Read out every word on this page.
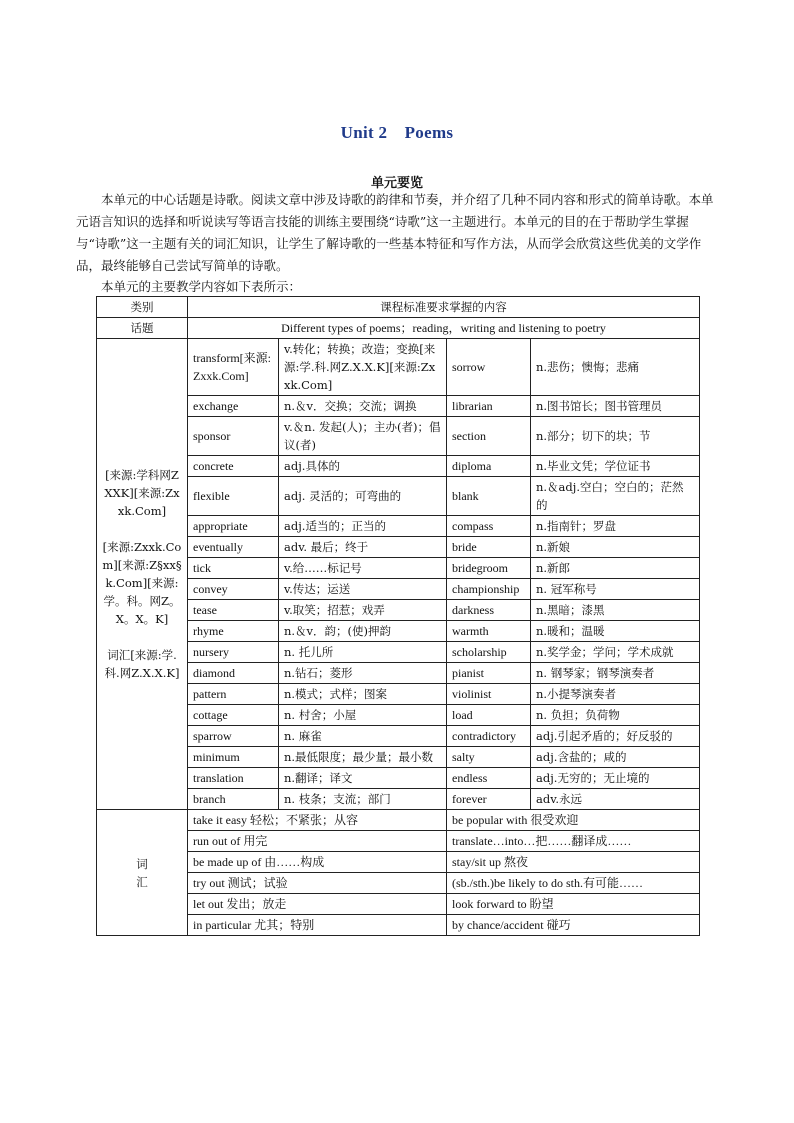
Unit 2　Poems
单元要览
本单元的中心话题是诗歌。阅读文章中涉及诗歌的韵律和节奏，并介绍了几种不同内容和形式的简单诗歌。本单元语言知识的选择和听说读写等语言技能的训练主要围绕“诗歌”这一主题进行。本单元的目的在于帮助学生掌握与“诗歌”这一主题有关的词汇知识，让学生了解诗歌的一些基本特征和写作方法，从而学会欣赏这些优美的文学作品，最终能够自己尝试写简单的诗歌。
本单元的主要教学内容如下表所示：
类别	课程标准要求掌握的内容			
话题	Different types of poems；reading，writing and listening to poetry			
[来源:学科网ZXXK][来源:Zxxk.Com]

[来源:Zxxk.Com][来源:Z§xx§k.Com][来源:学。科。网Z。X。X。K]

词汇[来源:学.科.网Z.X.X.K]	transform[来源:Zxxk.Com]	v.转化；转换；改造；变换[来源:学.科.网Z.X.X.K][来源:Zxxk.Com]	sorrow	n.悲伤；懊悔；悲痛
	exchange	n.＆v．交换；交流；调换	librarian	n.图书馆长；图书管理员
	sponsor	v.＆n. 发起(人)；主办(者)；倡议(者)	section	n.部分；切下的块；节
	concrete	adj.具体的	diploma	n.毕业文凭；学位证书
	flexible	adj. 灵活的；可弯曲的	blank	n.＆adj.空白；空白的；茫然的
	appropriate	adj.适当的；正当的	compass	n.指南针；罗盘
	eventually	adv. 最后；终于	bride	n.新娘
	tick	v.给……标记号	bridegroom	n.新郎
	convey	v.传达；运送	championship	n. 冠军称号
	tease	v.取笑；招惹；戏弄	darkness	n.黑暗；漆黑
	rhyme	n.＆v．韵；(使)押韵	warmth	n.暖和；温暖
	nursery	n. 托儿所	scholarship	n.奖学金；学问；学术成就
	diamond	n.钻石；菱形	pianist	n. 钢琴家；钢琴演奏者
	pattern	n.模式；式样；图案	violinist	n.小提琴演奏者
	cottage	n. 村舍；小屋	load	n. 负担；负荷物
	sparrow	n. 麻雀	contradictory	adj.引起矛盾的；好反驳的
	minimum	n.最低限度；最少量；最小数	salty	adj.含盐的；咸的
	translation	n.翻译；译文	endless	adj.无穷的；无止境的
	branch	n. 枝条；支流；部门	forever	adv.永远
词
汇	take it easy 轻松；不紧张；从容		be popular with 很受欢迎	
	run out of 用完		translate…into…把……翻译成……	
	be made up of 由……构成		stay/sit up 熬夜	
	try out 测试；试验		(sb./sth.)be likely to do sth.有可能……	
	let out 发出；放走		look forward to 盼望	
	in particular 尤其；特别		by chance/accident 碰巧	
